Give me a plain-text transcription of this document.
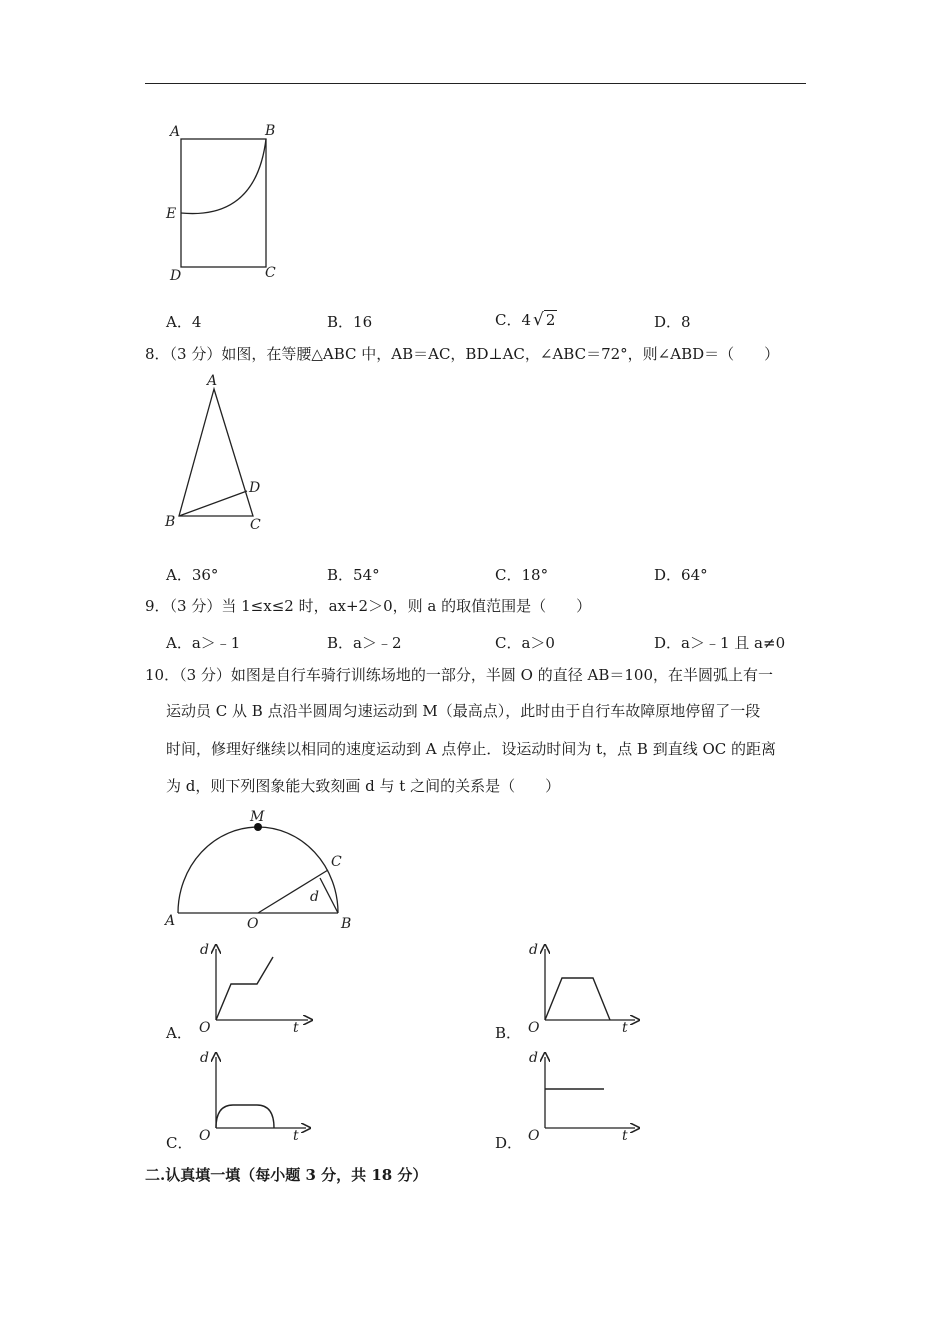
A	B
E
D	C
A．4	B．16	C．4 √ 2	D．8
8．（3 分）如图，在等腰△ABC 中，AB＝AC，BD⊥AC，∠ABC＝72°，则∠ABD＝（　　）
A
D
B	C
A．36°	B．54°	C．18°	D．64°
9．（3 分）当 1≤x≤2 时，ax+2＞0，则 a 的取值范围是（　　）
A．a＞﹣1	B．a＞﹣2	C．a＞0	D．a＞﹣1 且 a≠0
10．（3 分）如图是自行车骑行训练场地的一部分，半圆 O 的直径 AB＝100，在半圆弧上有一
运动员 C 从 B 点沿半圆周匀速运动到 M（最高点），此时由于自行车故障原地停留了一段
时间，修理好继续以相同的速度运动到 A 点停止．设运动时间为 t，点 B 到直线 OC 的距离
为 d，则下列图象能大致刻画 d 与 t 之间的关系是（　　）
M
C
d
A	O	B
A．
d
t
O	B．
d
t
O
C．
d
t
O	D．
d
t
O
二.认真填一填（每小题 3 分，共 18 分）
